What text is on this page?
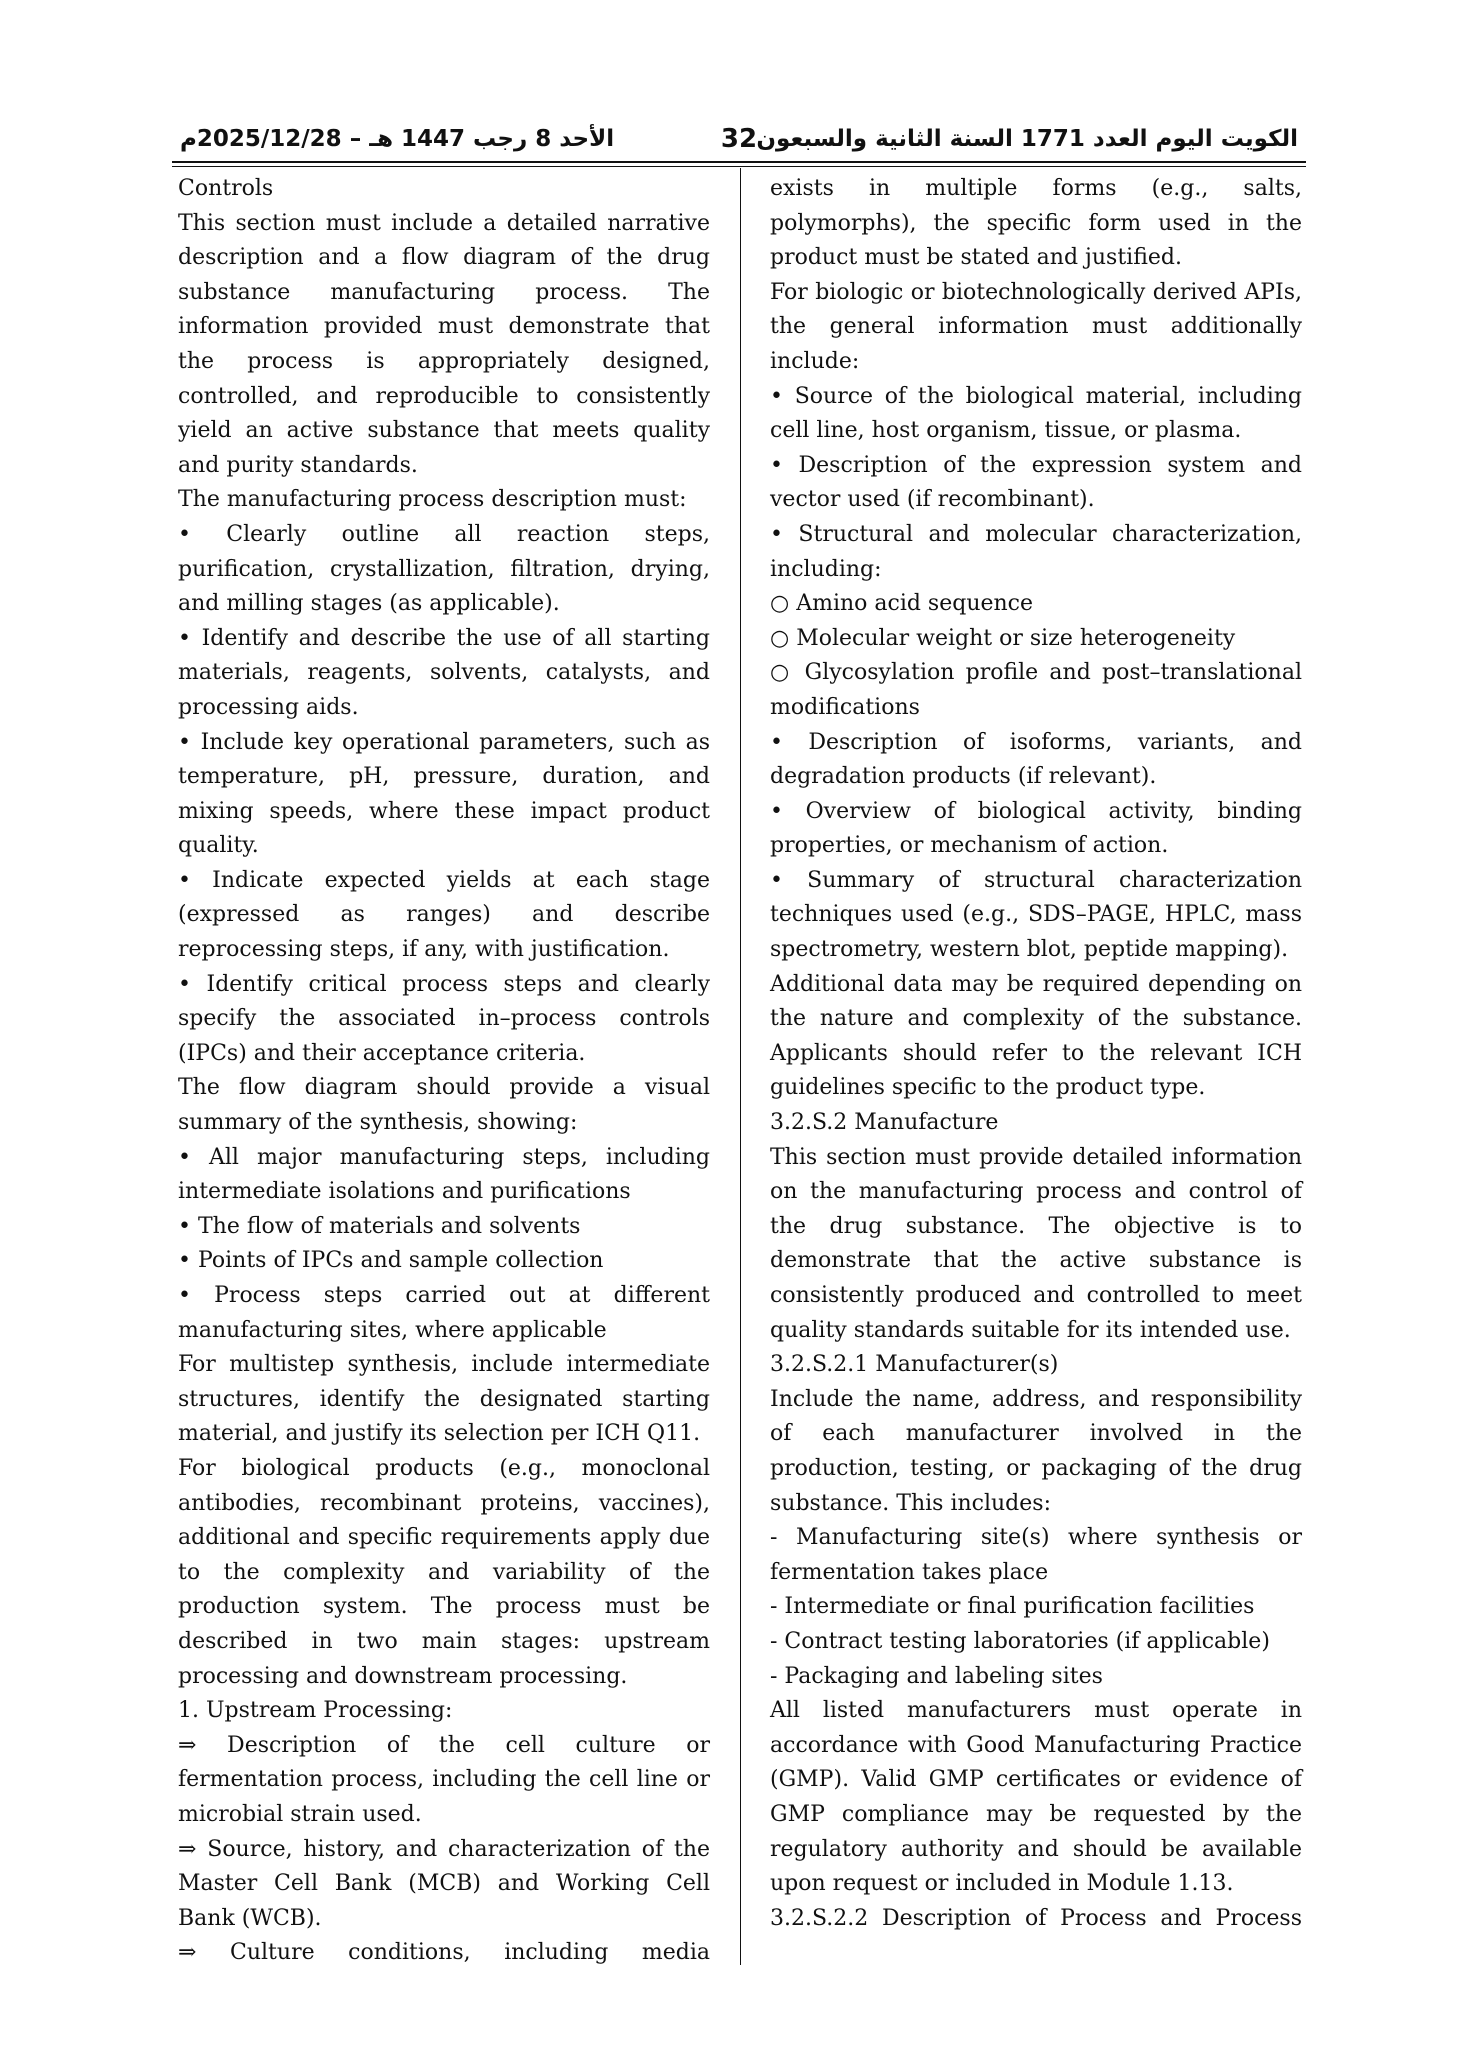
الأحد 8 رجب 1447 هـ – 2025/12/28م	32 الكويت اليوم العدد 1771 السنة الثانية والسبعون

Controls

This section must include a detailed narrative description and a flow diagram of the drug substance manufacturing process. The information provided must demonstrate that the process is appropriately designed, controlled, and reproducible to consistently yield an active substance that meets quality and purity standards.

The manufacturing process description must:

• Clearly outline all reaction steps, purification, crystallization, filtration, drying, and milling stages (as applicable).

• Identify and describe the use of all starting materials, reagents, solvents, catalysts, and processing aids.

• Include key operational parameters, such as temperature, pH, pressure, duration, and mixing speeds, where these impact product quality.

• Indicate expected yields at each stage (expressed as ranges) and describe reprocessing steps, if any, with justification.

• Identify critical process steps and clearly specify the associated in–process controls (IPCs) and their acceptance criteria.

The flow diagram should provide a visual summary of the synthesis, showing:

• All major manufacturing steps, including intermediate isolations and purifications

• The flow of materials and solvents

• Points of IPCs and sample collection

• Process steps carried out at different manufacturing sites, where applicable

For multistep synthesis, include intermediate structures, identify the designated starting material, and justify its selection per ICH Q11.

For biological products (e.g., monoclonal antibodies, recombinant proteins, vaccines), additional and specific requirements apply due to the complexity and variability of the production system. The process must be described in two main stages: upstream processing and downstream processing.

1. Upstream Processing:

⇒ Description of the cell culture or fermentation process, including the cell line or microbial strain used.

⇒ Source, history, and characterization of the Master Cell Bank (MCB) and Working Cell Bank (WCB).

⇒ Culture conditions, including media

exists in multiple forms (e.g., salts, polymorphs), the specific form used in the product must be stated and justified.

For biologic or biotechnologically derived APIs, the general information must additionally include:

• Source of the biological material, including cell line, host organism, tissue, or plasma.

• Description of the expression system and vector used (if recombinant).

• Structural and molecular characterization, including:

○ Amino acid sequence

○ Molecular weight or size heterogeneity

○ Glycosylation profile and post–translational modifications

• Description of isoforms, variants, and degradation products (if relevant).

• Overview of biological activity, binding properties, or mechanism of action.

• Summary of structural characterization techniques used (e.g., SDS–PAGE, HPLC, mass spectrometry, western blot, peptide mapping).

Additional data may be required depending on the nature and complexity of the substance. Applicants should refer to the relevant ICH guidelines specific to the product type.

3.2.S.2 Manufacture

This section must provide detailed information on the manufacturing process and control of the drug substance. The objective is to demonstrate that the active substance is consistently produced and controlled to meet quality standards suitable for its intended use.

3.2.S.2.1 Manufacturer(s)

Include the name, address, and responsibility of each manufacturer involved in the production, testing, or packaging of the drug substance. This includes:

- Manufacturing site(s) where synthesis or fermentation takes place

- Intermediate or final purification facilities

- Contract testing laboratories (if applicable)

- Packaging and labeling sites

All listed manufacturers must operate in accordance with Good Manufacturing Practice (GMP). Valid GMP certificates or evidence of GMP compliance may be requested by the regulatory authority and should be available upon request or included in Module 1.13.

3.2.S.2.2 Description of Process and Process
